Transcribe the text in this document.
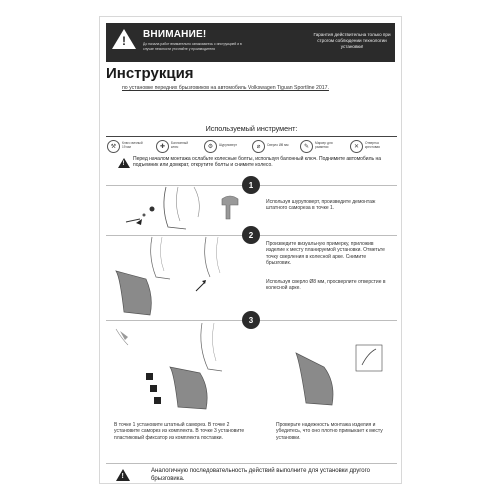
! ВНИМАНИЕ!
До начала работ внимательно ознакомьтесь с инструкцией и в случае неясности уточняйте у производителя
Гарантия действительна только при строгом соблюдении технологии установки!
Инструкция
по установке передних брызговиков на автомобиль Volkswagen Tiguan Sportline 2017.
Используемый инструмент:
⚒
Ключ гаечный 19 мм	✚
Баллонный ключ	⚙	Шуруповерт	⌀	Сверло Ø8 мм	✎
Маркер для разметки	✕
Отвертка крестовая
!
Перед началом монтажа ослабьте колесные болты, используя балонный ключ. Поднимите автомобиль на подъемник или домкрат, открутите болты и снимите колесо.
1
Используя шуруповерт, произведите демонтаж штатного самореза в точке 1.
2
Произведите визуальную примерку, приложив изделие к месту планируемой установки. Отметьте точку сверления в колесной арке. Снимите брызговик.
Используя сверло Ø8 мм, просверлите отверстие в колесной арке.
3
В точке 1 установите штатный саморез. В точке 2 установите саморез из комплекта. В точке 3 установите пластиковый фиксатор из комплекта поставки.
Проверьте надежность монтажа изделия и убедитесь, что оно плотно примыкает к месту установки.
!
Аналогичную последовательность действий выполните для установки другого брызговика.
